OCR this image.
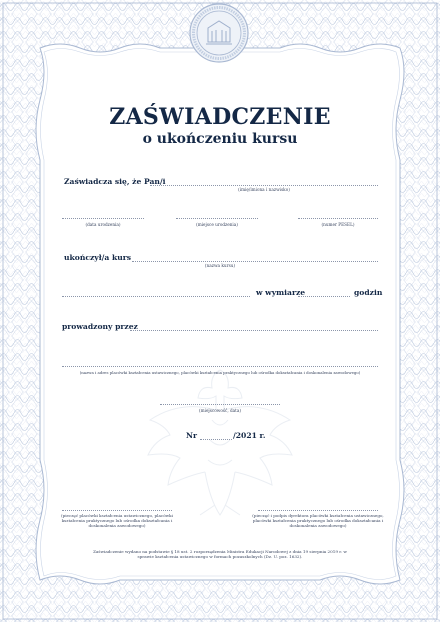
ZAŚWIADCZENIE
o ukończeniu kursu
Zaświadcza się, że Pan/i
(imię/imiona i nazwisko)
(data urodzenia)	(miejsce urodzenia)	(numer PESEL)
ukończył/a kurs
(nazwa kursu)
w wymiarze	godzin
prowadzony przez
(nazwa i adres placówki kształcenia ustawicznego, placówki kształcenia praktycznego lub ośrodka dokształcania i doskonalenia zawodowego)
(miejscowość, data)
Nr	/2021 r.
(pieczęć placówki kształcenia ustawicznego, placówki kształcenia praktycznego lub ośrodka dokształcania i doskonalenia zawodowego)
(pieczęć i podpis dyrektora placówki kształcenia ustawicznego, placówki kształcenia praktycznego lub ośrodka dokształcania i doskonalenia zawodowego)
Zaświadczenie wydano na podstawie § 18 ust. 2 rozporządzenia Ministra Edukacji Narodowej z dnia 19 sierpnia 2019 r. w sprawie kształcenia ustawicznego w formach pozaszkolnych (Dz. U. poz. 1632).
